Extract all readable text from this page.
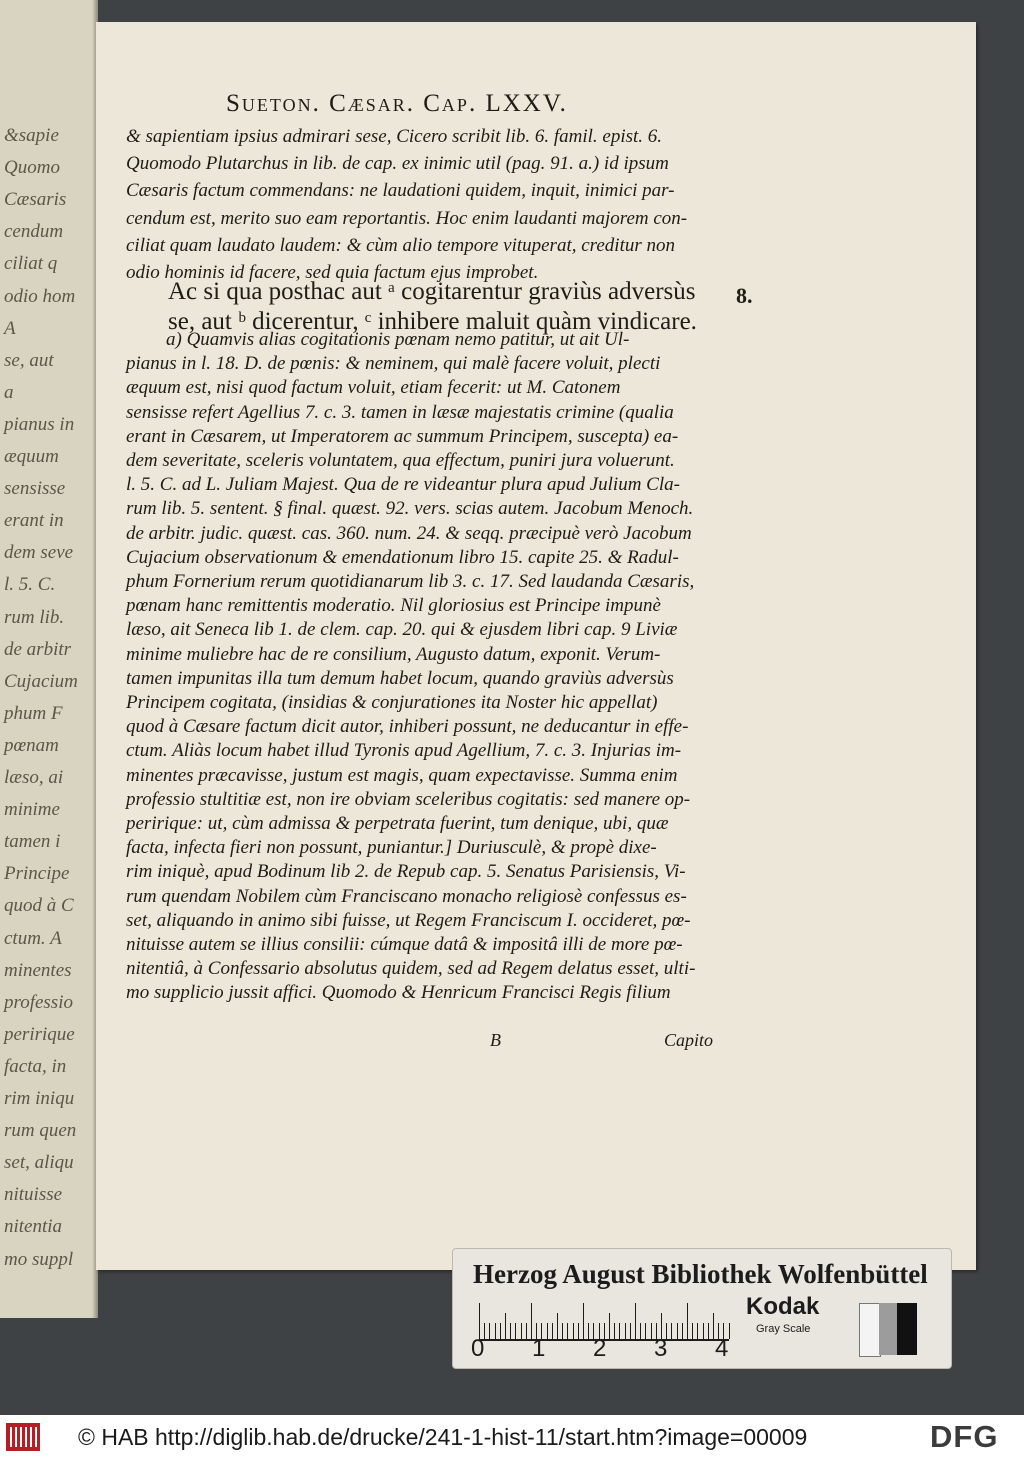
&sapie
Quomo
Cæsaris
cendum
ciliat q
odio hom
A
se, aut
a
pianus in
æquum
sensisse
erant in
dem seve
l. 5. C.
rum lib.
de arbitr
Cujacium
phum F
pœnam
læso, ai
minime
tamen i
Principe
quod à C
ctum. A
minentes
professio
peririque
facta, in
rim iniqu
rum quen
set, aliqu
nituisse
nitentia
mo suppl
Sueton. Cæsar. Cap. LXXV.
& sapientiam ipsius admirari sese, Cicero scribit lib. 6. famil. epist. 6.
Quomodo Plutarchus in lib. de cap. ex inimic util (pag. 91. a.) id ipsum
Cæsaris factum commendans: ne laudationi quidem, inquit, inimici par-
cendum est, merito suo eam reportantis. Hoc enim laudanti majorem con-
ciliat quam laudato laudem: & cùm alio tempore vituperat, creditur non
odio hominis id facere, sed quia factum ejus improbet.
Ac si qua posthac aut ᵃ cogitarentur graviùs adversùs
se, aut ᵇ dicerentur, ᶜ inhibere maluit quàm vindicare.
8.
a) Quamvis alias cogitationis pœnam nemo patitur, ut ait Ul-
pianus in l. 18. D. de pœnis: & neminem, qui malè facere voluit, plecti
æquum est, nisi quod factum voluit, etiam fecerit: ut M. Catonem
sensisse refert Agellius 7. c. 3. tamen in læsæ majestatis crimine (qualia
erant in Cæsarem, ut Imperatorem ac summum Principem, suscepta) ea-
dem severitate, sceleris voluntatem, qua effectum, puniri jura voluerunt.
l. 5. C. ad L. Juliam Majest. Qua de re videantur plura apud Julium Cla-
rum lib. 5. sentent. § final. quæst. 92. vers. scias autem. Jacobum Menoch.
de arbitr. judic. quæst. cas. 360. num. 24. & seqq. præcipuè verò Jacobum
Cujacium observationum & emendationum libro 15. capite 25. & Radul-
phum Fornerium rerum quotidianarum lib 3. c. 17. Sed laudanda Cæsaris,
pœnam hanc remittentis moderatio. Nil gloriosius est Principe impunè
læso, ait Seneca lib 1. de clem. cap. 20. qui & ejusdem libri cap. 9 Liviæ
minime muliebre hac de re consilium, Augusto datum, exponit. Verum-
tamen impunitas illa tum demum habet locum, quando graviùs adversùs
Principem cogitata, (insidias & conjurationes ita Noster hic appellat)
quod à Cæsare factum dicit autor, inhiberi possunt, ne deducantur in effe-
ctum. Aliàs locum habet illud Tyronis apud Agellium, 7. c. 3. Injurias im-
minentes præcavisse, justum est magis, quam expectavisse. Summa enim
professio stultitiæ est, non ire obviam sceleribus cogitatis: sed manere op-
peririque: ut, cùm admissa & perpetrata fuerint, tum denique, ubi, quæ
facta, infecta fieri non possunt, puniantur.] Duriusculè, & propè dixe-
rim iniquè, apud Bodinum lib 2. de Repub cap. 5. Senatus Parisiensis, Vi-
rum quendam Nobilem cùm Franciscano monacho religiosè confessus es-
set, aliquando in animo sibi fuisse, ut Regem Franciscum I. occideret, pœ-
nituisse autem se illius consilii: cúmque datâ & impositâ illi de more pœ-
nitentiâ, à Confessario absolutus quidem, sed ad Regem delatus esset, ulti-
mo supplicio jussit affici. Quomodo & Henricum Francisci Regis filium
B	Capito
Herzog August Bibliothek Wolfenbüttel
0 1 2 3 4
Kodak
Gray Scale
© HAB http://diglib.hab.de/drucke/241-1-hist-11/start.htm?image=00009	DFG
